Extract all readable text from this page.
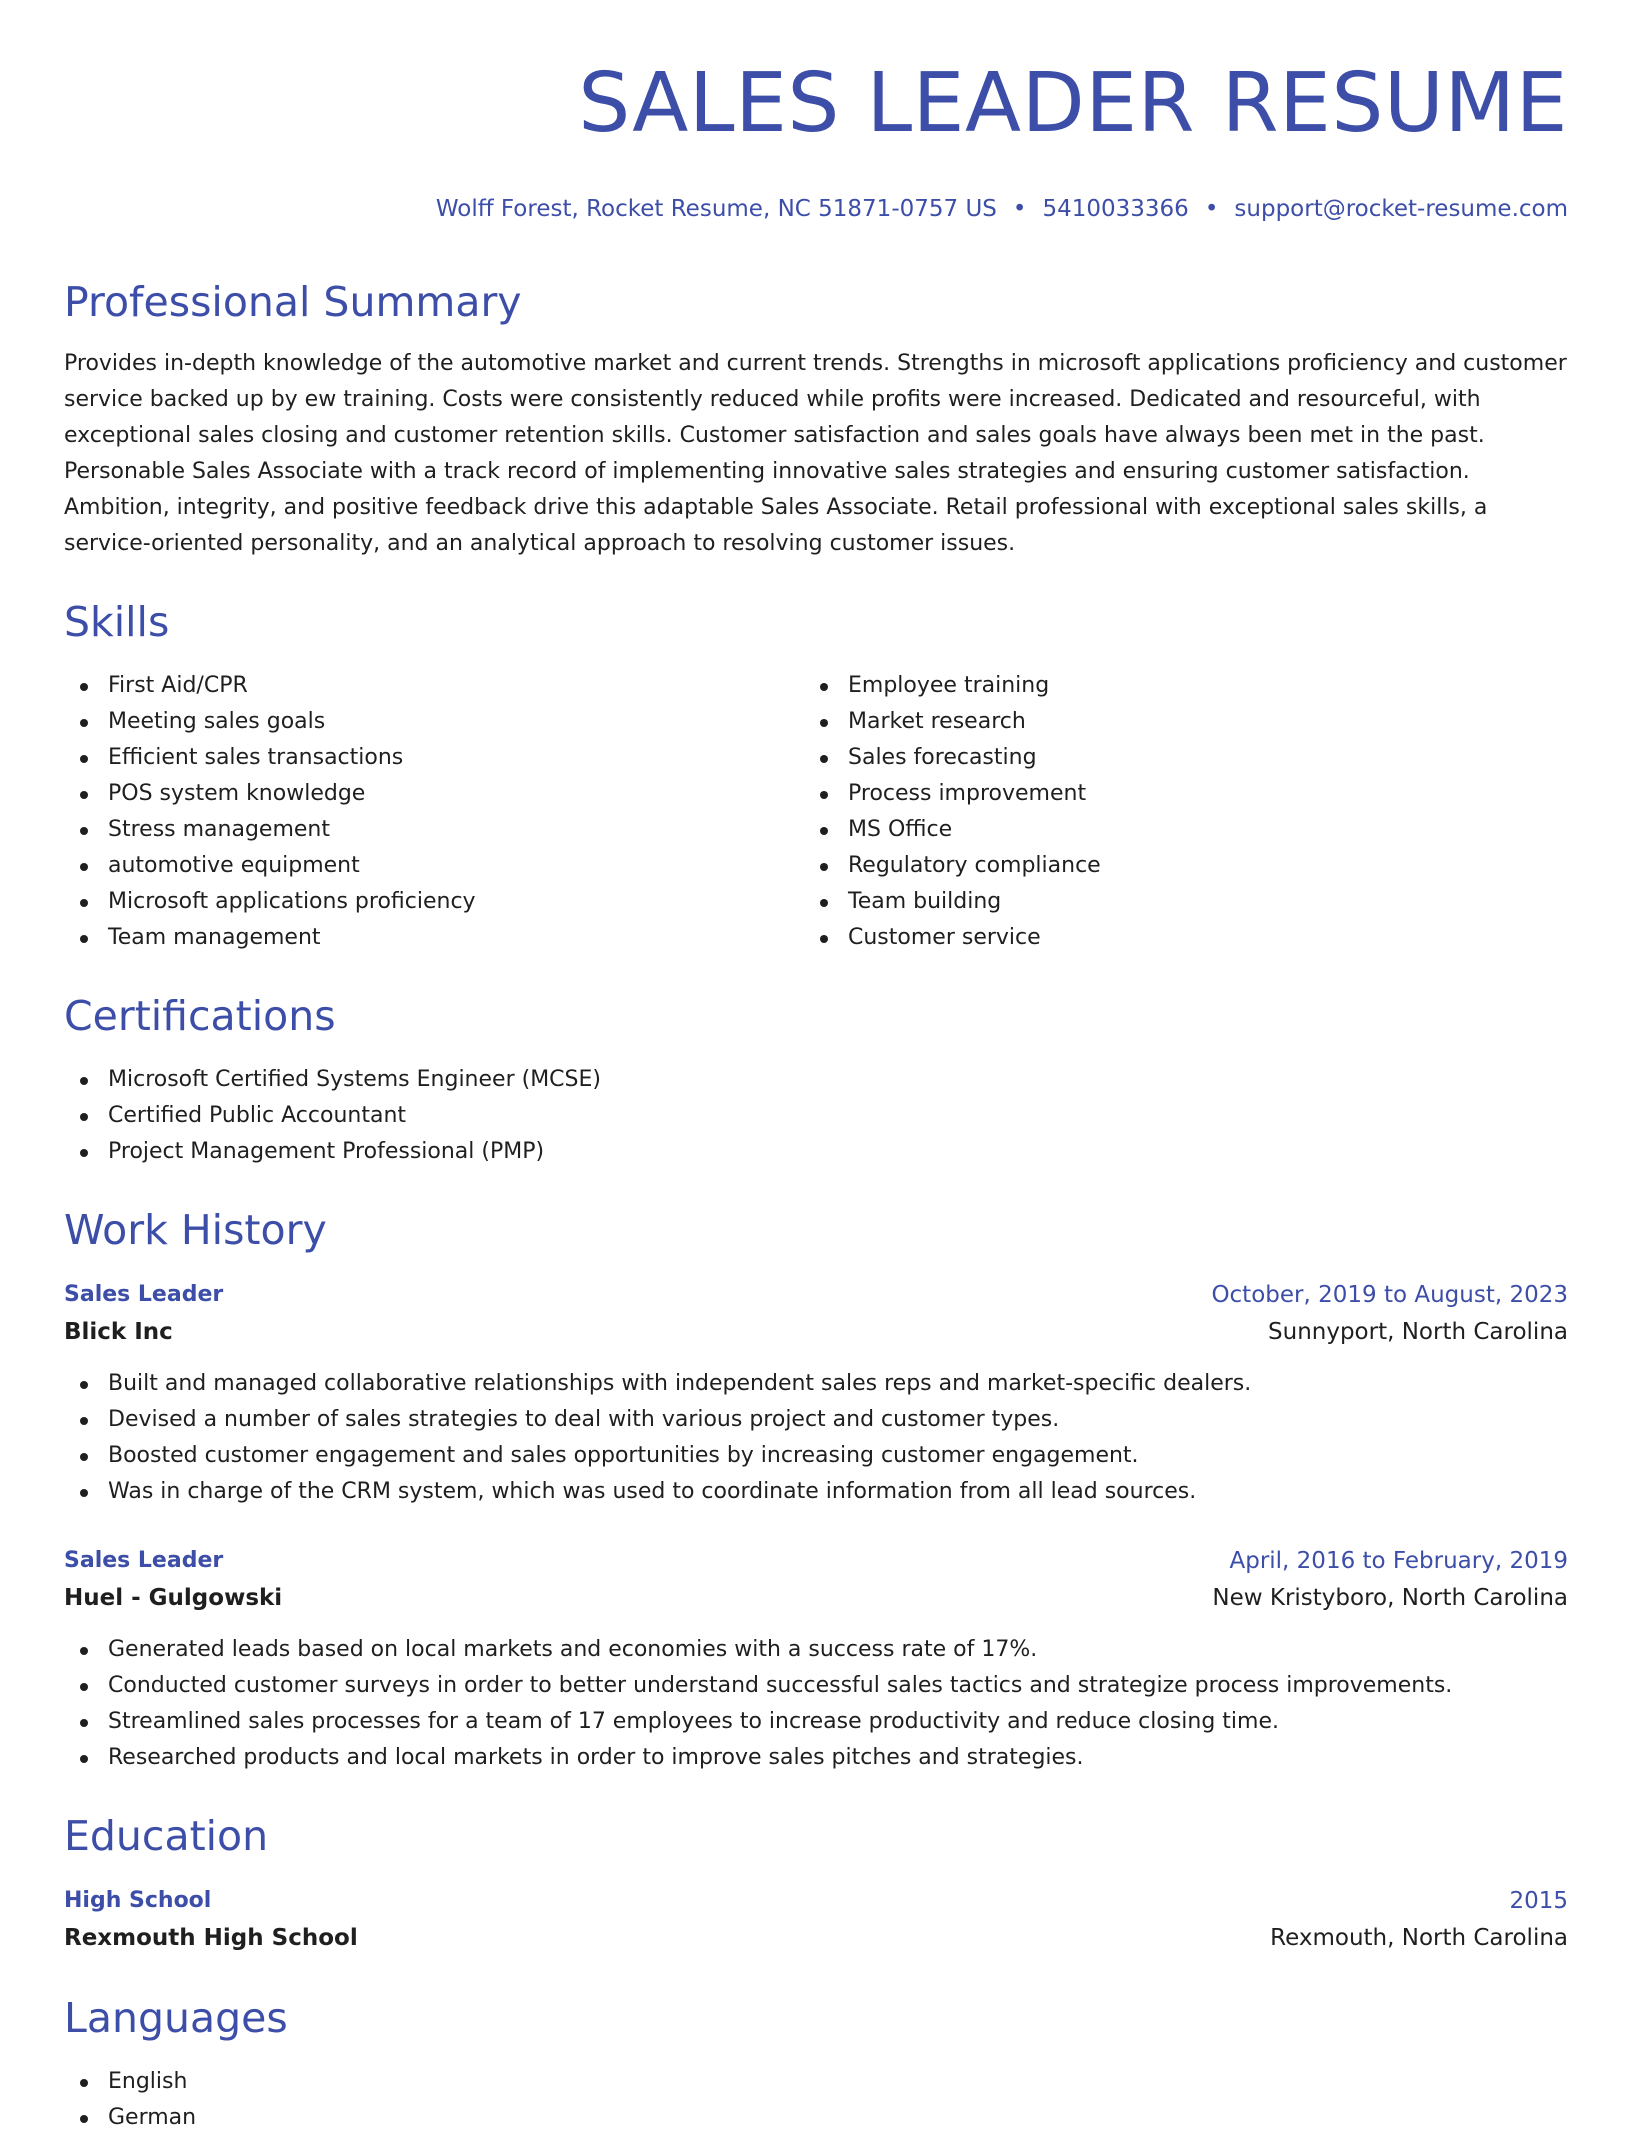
SALES LEADER RESUME
Wolff Forest, Rocket Resume, NC 51871-0757 US • 5410033366 • support@rocket-resume.com
Professional Summary
Provides in-depth knowledge of the automotive market and current trends. Strengths in microsoft applications proficiency and customer service backed up by ew training. Costs were consistently reduced while profits were increased. Dedicated and resourceful, with exceptional sales closing and customer retention skills. Customer satisfaction and sales goals have always been met in the past. Personable Sales Associate with a track record of implementing innovative sales strategies and ensuring customer satisfaction. Ambition, integrity, and positive feedback drive this adaptable Sales Associate. Retail professional with exceptional sales skills, a service-oriented personality, and an analytical approach to resolving customer issues.
Skills
First Aid/CPR
Meeting sales goals
Efficient sales transactions
POS system knowledge
Stress management
automotive equipment
Microsoft applications proficiency
Team management
Employee training
Market research
Sales forecasting
Process improvement
MS Office
Regulatory compliance
Team building
Customer service
Certifications
Microsoft Certified Systems Engineer (MCSE)
Certified Public Accountant
Project Management Professional (PMP)
Work History
Sales Leader	October, 2019 to August, 2023
Blick Inc	Sunnyport, North Carolina
Built and managed collaborative relationships with independent sales reps and market-specific dealers.
Devised a number of sales strategies to deal with various project and customer types.
Boosted customer engagement and sales opportunities by increasing customer engagement.
Was in charge of the CRM system, which was used to coordinate information from all lead sources.
Sales Leader	April, 2016 to February, 2019
Huel - Gulgowski	New Kristyboro, North Carolina
Generated leads based on local markets and economies with a success rate of 17%.
Conducted customer surveys in order to better understand successful sales tactics and strategize process improvements.
Streamlined sales processes for a team of 17 employees to increase productivity and reduce closing time.
Researched products and local markets in order to improve sales pitches and strategies.
Education
High School	2015
Rexmouth High School	Rexmouth, North Carolina
Languages
English
German
